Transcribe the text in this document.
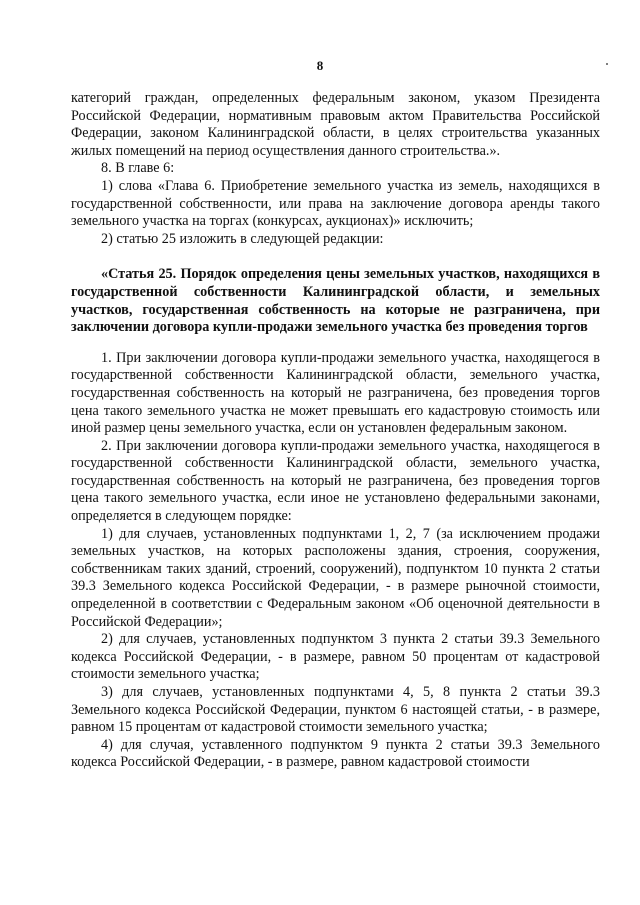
8

категорий граждан, определенных федеральным законом, указом Президента Российской Федерации, нормативным правовым актом Правительства Российской Федерации, законом Калининградской области, в целях строительства указанных жилых помещений на период осуществления данного строительства.».

8. В главе 6:

1) слова «Глава 6. Приобретение земельного участка из земель, находящихся в государственной собственности, или права на заключение договора аренды такого земельного участка на торгах (конкурсах, аукционах)» исключить;

2) статью 25 изложить в следующей редакции:

«Статья 25. Порядок определения цены земельных участков, находящихся в государственной собственности Калининградской области, и земельных участков, государственная собственность на которые не разграничена, при заключении договора купли-продажи земельного участка без проведения торгов

1. При заключении договора купли-продажи земельного участка, находящегося в государственной собственности Калининградской области, земельного участка, государственная собственность на который не разграничена, без проведения торгов цена такого земельного участка не может превышать его кадастровую стоимость или иной размер цены земельного участка, если он установлен федеральным законом.

2. При заключении договора купли-продажи земельного участка, находящегося в государственной собственности Калининградской области, земельного участка, государственная собственность на который не разграничена, без проведения торгов цена такого земельного участка, если иное не установлено федеральными законами, определяется в следующем порядке:

1) для случаев, установленных подпунктами 1, 2, 7 (за исключением продажи земельных участков, на которых расположены здания, строения, сооружения, собственникам таких зданий, строений, сооружений), подпунктом 10 пункта 2 статьи 39.3 Земельного кодекса Российской Федерации, - в размере рыночной стоимости, определенной в соответствии с Федеральным законом «Об оценочной деятельности в Российской Федерации»;

2) для случаев, установленных подпунктом 3 пункта 2 статьи 39.3 Земельного кодекса Российской Федерации, - в размере, равном 50 процентам от кадастровой стоимости земельного участка;

3) для случаев, установленных подпунктами 4, 5, 8 пункта 2 статьи 39.3 Земельного кодекса Российской Федерации, пунктом 6 настоящей статьи, - в размере, равном 15 процентам от кадастровой стоимости земельного участка;

4) для случая, уставленного подпунктом 9 пункта 2 статьи 39.3 Земельного кодекса Российской Федерации, - в размере, равном кадастровой стоимости
